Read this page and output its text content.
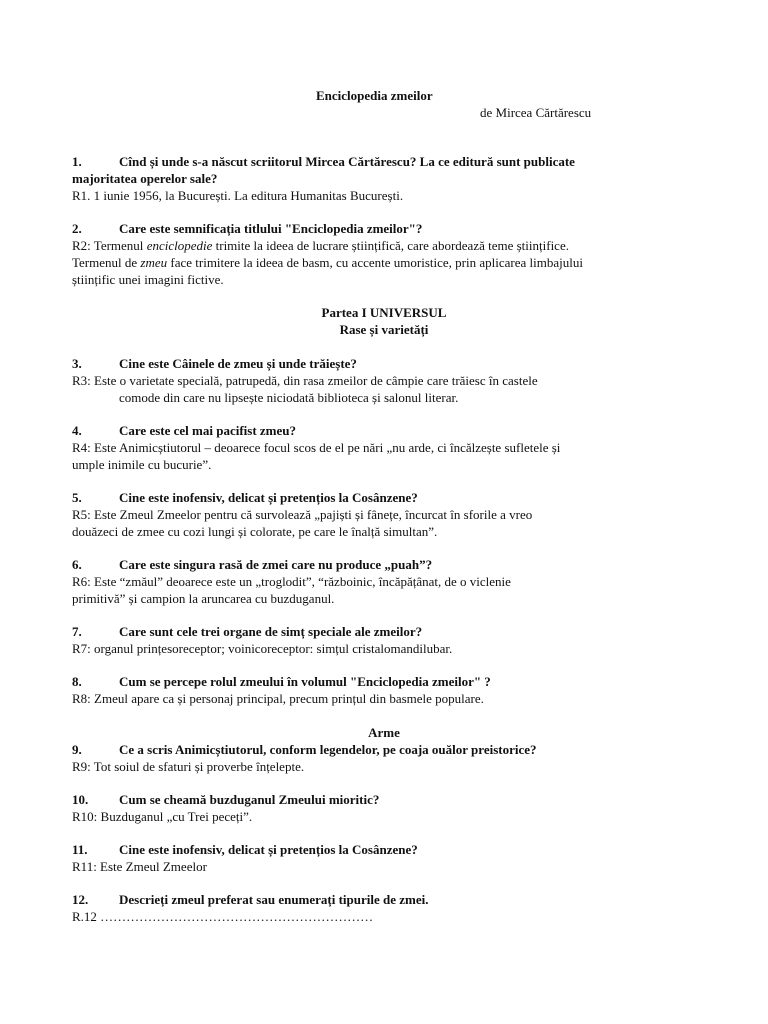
Enciclopedia zmeilor
de Mircea Cărtărescu
1.	Cînd și unde s-a născut scriitorul Mircea Cărtărescu? La ce editură sunt publicate
majoritatea operelor sale?
R1. 1 iunie 1956, la București. La editura Humanitas București.
2.	Care este semnificația titlului "Enciclopedia zmeilor"?
R2: Termenul enciclopedie trimite la ideea de lucrare științifică, care abordează teme științifice.
Termenul de zmeu face trimitere la ideea de basm, cu accente umoristice, prin aplicarea limbajului
științific unei imagini fictive.
Partea I UNIVERSUL
Rase și varietăți
3.	Cine este Câinele de zmeu și unde trăiește?
R3: Este o varietate specială, patrupedă, din rasa zmeilor de câmpie care trăiesc în castele
comode din care nu lipsește niciodată biblioteca și salonul literar.
4.	Care este cel mai pacifist zmeu?
R4: Este Animicștiutorul – deoarece focul scos de el pe nări „nu arde, ci încălzește sufletele și
umple inimile cu bucurie”.
5.	Cine este inofensiv, delicat și pretențios la Cosânzene?
R5: Este Zmeul Zmeelor pentru că survolează „pajiști și fânețe, încurcat în sforile a vreo
douăzeci de zmee cu cozi lungi și colorate, pe care le înalță simultan”.
6.	Care este singura rasă de zmei care nu produce „puah”?
R6: Este “zmăul” deoarece este un „troglodit”, “războinic, încăpățânat, de o viclenie
primitivă” și campion la aruncarea cu buzduganul.
7.	Care sunt cele trei organe de simț speciale ale zmeilor?
R7: organul prințesoreceptor; voinicoreceptor: simțul cristalomandilubar.
8.	Cum se percepe rolul zmeului în volumul "Enciclopedia zmeilor" ?
R8: Zmeul apare ca și personaj principal, precum prințul din basmele populare.
Arme
9.	Ce a scris Animicștiutorul, conform legendelor, pe coaja ouălor preistorice?
R9: Tot soiul de sfaturi și proverbe înțelepte.
10. Cum se cheamă buzduganul Zmeului mioritic?
R10: Buzduganul „cu Trei peceți”.
11. Cine este inofensiv, delicat și pretențios la Cosânzene?
R11: Este Zmeul Zmeelor
12. Descrieți zmeul preferat sau enumerați tipurile de zmei.
R.12 ………………………………………………………
